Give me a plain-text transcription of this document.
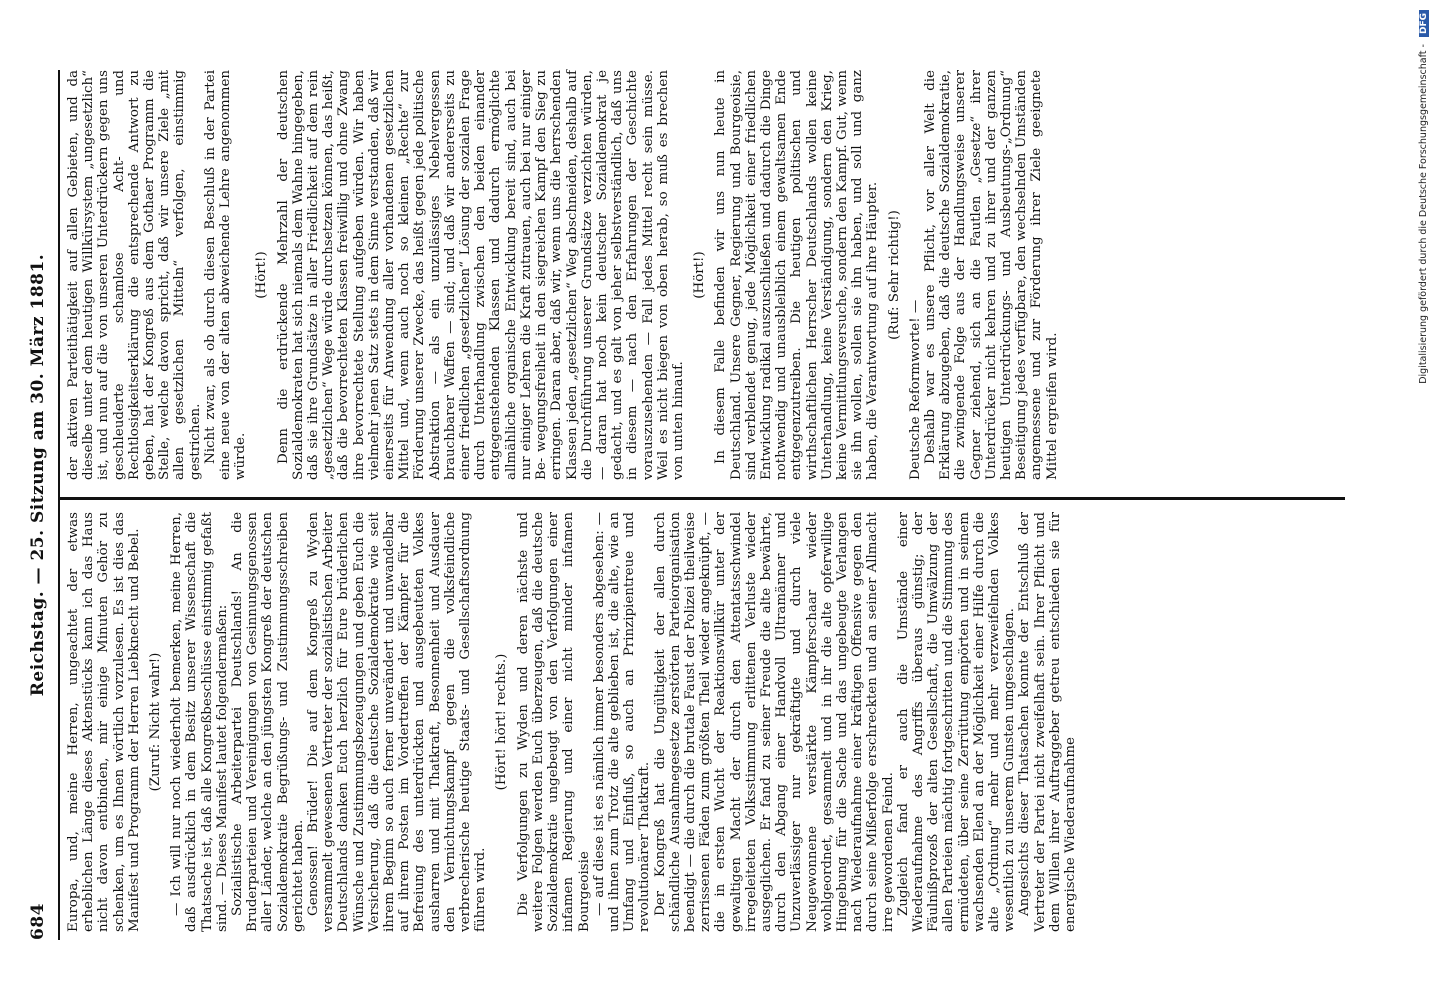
684
Reichstag. — 25. Sitzung am 30. März 1881.

Europa, und, meine Herren, ungeachtet der etwas erheblichen Länge dieses Aktenstücks kann ich das Haus nicht davon entbinden, mir einige Minuten Gehör zu schenken, um es Ihnen wörtlich vorzulesen. Es ist dies das Manifest und Programm der Herren Liebknecht und Bebel. (Zuruf: Nicht wahr!) — Ich will nur noch wiederholt bemerken, meine Herren, daß ausdrücklich in dem Besitz unserer Wissenschaft die Thatsache ist, daß alle Kongreßbeschlüsse einstimmig gefaßt sind. — Dieses Manifest lautet folgendermaßen: Sozialistische Arbeiterpartei Deutschlands! An die Bruderparteien und Vereinigungen von Gesinnungsgenossen aller Länder, welche an den jüngsten Kongreß der deutschen Sozialdemokratie Begrüßungs- und Zustimmungsschreiben gerichtet haben. Genossen! Brüder! Die auf dem Kongreß zu Wyden versammelt gewesenen Vertreter der sozialistischen Arbeiter Deutschlands danken Euch herzlich für Eure brüderlichen Wünsche und Zustimmungsbezeugungen und geben Euch die Versicherung, daß die deutsche Sozialdemokratie wie seit ihrem Beginn so auch ferner unverändert und unwandelbar auf ihrem Posten im Vordertreffen der Kämpfer für die Befreiung des unterdrückten und ausgebeuteten Volkes ausharren und mit Thatkraft, Besonnenheit und Ausdauer den Vernichtungskampf gegen die volksfeindliche verbrecherische heutige Staats- und Gesellschaftsordnung führen wird.

(Hört! hört! rechts.) Die Verfolgungen zu Wyden und deren nächste und weitere Folgen werden Euch überzeugen, daß die deutsche Sozialdemokratie ungebeugt von den Verfolgungen einer infamen Regierung und einer nicht minder infamen Bourgeoisie — auf diese ist es nämlich immer besonders abgesehen: — und ihnen zum Trotz die alte geblieben ist, die alte, wie an Umfang und Einfluß, so auch an Prinzipientreue und revolutionärer Thatkraft. Der Kongreß hat die Ungültigkeit der allen durch schändliche Ausnahmegesetze zerstörten Parteiorganisation beendigt — die durch die brutale Faust der Polizei theilweise zerrissenen Fäden zum größten Theil wieder angeknüpft, — die in ersten Wucht der Reaktionswillkür unter der gewaltigen Macht der durch den Attentatsschwindel irregeleiteten Volksstimmung erlittenen Verluste wieder ausgeglichen. Er fand zu seiner Freude die alte bewährte, durch den Abgang einer Handvoll Ultramänner und Unzuverlässiger nur gekräftigte und durch viele Neugewonnene verstärkte Kämpferschaar wieder wohlgeordnet, gesammelt und in ihr die alte opferwillige Hingebung für die Sache und das ungebeugte Verlangen nach Wiederaufnahme einer kräftigen Offensive gegen den durch seine Mißerfolge erschreckten und an seiner Allmacht irre gewordenen Feind. Zugleich fand er auch die Umstände einer Wiederaufnahme des Angriffs überaus günstig; der Fäulnißprozeß der alten Gesellschaft, die Umwälzung der allen Parteien mächtig fortgeschritten und die Stimmung des ermüdeten, über seine Zerrüttung empörten und in seinem wachsenden Elend an der Möglichkeit einer Hilfe durch die alte „Ordnung“ mehr und mehr verzweifelnden Volkes wesentlich zu unserem Gunsten umgeschlagen. Angesichts dieser Thatsachen konnte der Entschluß der Vertreter der Partei nicht zweifelhaft sein. Ihrer Pflicht und dem Willen ihrer Auftraggeber getreu entschieden sie für energische Wiederaufnahme

der aktiven Parteithätigkeit auf allen Gebieten, und da dieselbe unter dem heutigen Willkürsystem „ungesetzlich“ ist, und nun auf die von unseren Unterdrückern gegen uns geschleuderte schamlose Acht- und Rechtlosigkeitserklärung die entsprechende Antwort zu geben, hat der Kongreß aus dem Gothaer Programm die Stelle, welche davon spricht, daß wir unsere Ziele „mit allen gesetzlichen Mitteln“ verfolgen, einstimmig gestrichen. Nicht zwar, als ob durch diesen Beschluß in der Partei eine neue von der alten abweichende Lehre angenommen würde.

(Hört!) Denn die erdrückende Mehrzahl der deutschen Sozialdemokraten hat sich niemals dem Wahne hingegeben, daß sie ihre Grundsätze in aller Friedlichkeit auf dem rein „gesetzlichen“ Wege würde durchsetzen können, das heißt, daß die bevorrechteten Klassen freiwillig und ohne Zwang ihre bevorrechtete Stellung aufgeben würden. Wir haben vielmehr jenen Satz stets in dem Sinne verstanden, daß wir einerseits für Anwendung aller vorhandenen gesetzlichen Mittel und, wenn auch noch so kleinen „Rechte“ zur Förderung unserer Zwecke, das heißt gegen jede politische Abstraktion — als ein unzulässiges Nebelvergessen brauchbarer Waffen — sind; und daß wir andererseits zu einer friedlichen „gesetzlichen“ Lösung der sozialen Frage durch Unterhandlung zwischen den beiden einander entgegenstehenden Klassen und dadurch ermöglichte allmähliche organische Entwicklung bereit sind, auch bei nur einiger Lehren die Kraft zutrauen, auch bei nur einiger Be- wegungsfreiheit in den siegreichen Kampf den Sieg zu erringen. Daran aber, daß wir, wenn uns die herrschenden Klassen jeden „gesetzlichen“ Weg abschneiden, deshalb auf die Durchführung unserer Grundsätze verzichten würden, — daran hat noch kein deutscher Sozialdemokrat je gedacht, und es galt von jeher selbstverständlich, daß uns in diesem — nach den Erfahrungen der Geschichte vorauszusehenden — Fall jedes Mittel recht sein müsse. Weil es nicht biegen von oben herab, so muß es brechen von unten hinauf.

(Hört!) In diesem Falle befinden wir uns nun heute in Deutschland. Unsere Gegner, Regierung und Bourgeoisie, sind verblendet genug, jede Möglichkeit einer friedlichen Entwicklung radikal auszuschließen und dadurch die Dinge nothwendig und unausbleiblich einem gewaltsamen Ende entgegenzutreiben. Die heutigen politischen und wirthschaftlichen Herrscher Deutschlands wollen keine Unterhandlung, keine Verständigung, sondern den Krieg, keine Vermittlungsversuche, sondern den Kampf. Gut, wenn sie ihn wollen, sollen sie ihn haben, und soll und ganz haben, die Verantwortung auf ihre Häupter. (Ruf: Sehr richtig!)

Deutsche Reformworte! — Deshalb war es unsere Pflicht, vor aller Welt die Erklärung abzugeben, daß die deutsche Sozialdemokratie, die zwingende Folge aus der Handlungsweise unserer Gegner ziehend, sich an die Fautlen „Gesetze“ ihrer Unterdrücker nicht kehren und zu ihrer und der ganzen heutigen Unterdrückungs- und Ausbeutungs-„Ordnung“ Beseitigung jedes verfügbare, den wechselnden Umständen angemessene und zur Förderung ihrer Ziele geeignete Mittel ergreifen wird.

Digitalisierung gefördert durch die Deutsche Forschungsgemeinschaft - DFG
